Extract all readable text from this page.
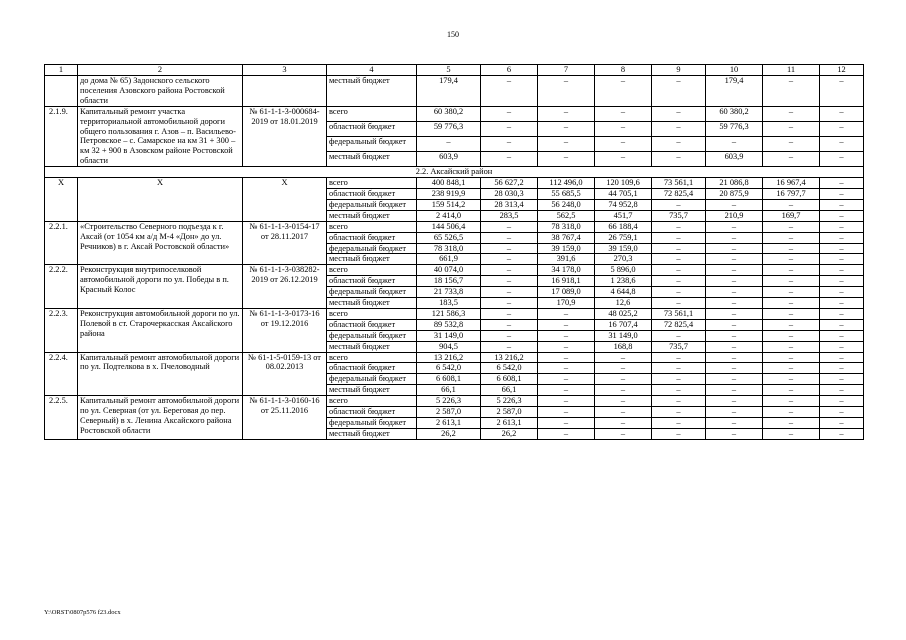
150
1	2	3	4	5	6	7	8	9	10	11	12
	до дома № 65) Задонского сельского поселения Азовского района Ростовской области		местный бюджет	179,4	–	–	–	–	179,4	–	–
2.1.9.	Капитальный ремонт участка территориальной автомобильной дороги общего пользования г. Азов – п. Васильево-Петровское – с. Самарское на км 31 + 300 – км 32 + 900 в Азовском районе Ростовской области	№ 61-1-1-3-000684-2019 от 18.01.2019	всего	60 380,2	–	–	–	–	60 380,2	–	–
			областной бюджет	59 776,3	–	–	–	–	59 776,3	–	–
			федеральный бюджет	–	–	–	–	–	–	–	–
			местный бюджет	603,9	–	–	–	–	603,9	–	–
2.2. Аксайский район											
X	X	X	всего	400 848,1	56 627,2	112 496,0	120 109,6	73 561,1	21 086,8	16 967,4	–
			областной бюджет	238 919,9	28 030,3	55 685,5	44 705,1	72 825,4	20 875,9	16 797,7	–
			федеральный бюджет	159 514,2	28 313,4	56 248,0	74 952,8	–	–	–	–
			местный бюджет	2 414,0	283,5	562,5	451,7	735,7	210,9	169,7	–
2.2.1.	«Строительство Северного подъезда к г. Аксай (от 1054 км а/д М-4 «Дон» до ул. Речников) в г. Аксай Ростовской области»	№ 61-1-1-3-0154-17 от 28.11.2017	всего	144 506,4	–	78 318,0	66 188,4	–	–	–	–
			областной бюджет	65 526,5	–	38 767,4	26 759,1	–	–	–	–
			федеральный бюджет	78 318,0	–	39 159,0	39 159,0	–	–	–	–
			местный бюджет	661,9	–	391,6	270,3	–	–	–	–
2.2.2.	Реконструкция внутрипоселковой автомобильной дороги по ул. Победы в п. Красный Колос	№ 61-1-1-3-038282-2019 от 26.12.2019	всего	40 074,0	–	34 178,0	5 896,0	–	–	–	–
			областной бюджет	18 156,7	–	16 918,1	1 238,6	–	–	–	–
			федеральный бюджет	21 733,8	–	17 089,0	4 644,8	–	–	–	–
			местный бюджет	183,5	–	170,9	12,6	–	–	–	–
2.2.3.	Реконструкция автомобильной дороги по ул. Полевой в ст. Старочеркасская Аксайского района	№ 61-1-1-3-0173-16 от 19.12.2016	всего	121 586,3	–	–	48 025,2	73 561,1	–	–	–
			областной бюджет	89 532,8	–	–	16 707,4	72 825,4	–	–	–
			федеральный бюджет	31 149,0	–	–	31 149,0	–	–	–	–
			местный бюджет	904,5	–	–	168,8	735,7	–	–	–
2.2.4.	Капитальный ремонт автомобильной дороги по ул. Подтелкова в х. Пчеловодный	№ 61-1-5-0159-13 от 08.02.2013	всего	13 216,2	13 216,2	–	–	–	–	–	–
			областной бюджет	6 542,0	6 542,0	–	–	–	–	–	–
			федеральный бюджет	6 608,1	6 608,1	–	–	–	–	–	–
			местный бюджет	66,1	66,1	–	–	–	–	–	–
2.2.5.	Капитальный ремонт автомобильной дороги по ул. Северная (от ул. Береговая до пер. Северный) в х. Ленина Аксайского района Ростовской области	№ 61-1-1-3-0160-16 от 25.11.2016	всего	5 226,3	5 226,3	–	–	–	–	–	–
			областной бюджет	2 587,0	2 587,0	–	–	–	–	–	–
			федеральный бюджет	2 613,1	2 613,1	–	–	–	–	–	–
			местный бюджет	26,2	26,2	–	–	–	–	–	–
Y:\ORST\0807p576 f23.docx
